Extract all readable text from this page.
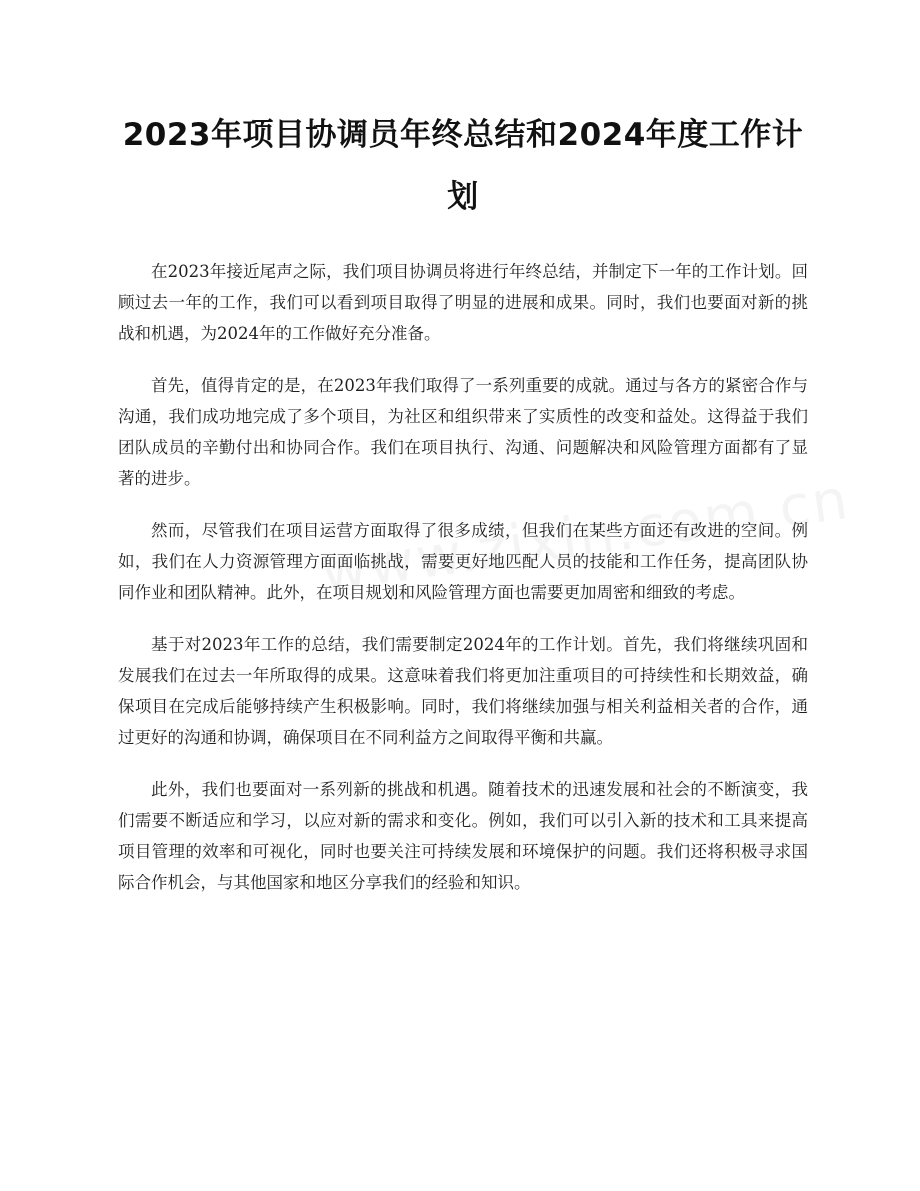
2023年项目协调员年终总结和2024年度工作计划

在2023年接近尾声之际，我们项目协调员将进行年终总结，并制定下一年的工作计划。回顾过去一年的工作，我们可以看到项目取得了明显的进展和成果。同时，我们也要面对新的挑战和机遇，为2024年的工作做好充分准备。

首先，值得肯定的是，在2023年我们取得了一系列重要的成就。通过与各方的紧密合作与沟通，我们成功地完成了多个项目，为社区和组织带来了实质性的改变和益处。这得益于我们团队成员的辛勤付出和协同合作。我们在项目执行、沟通、问题解决和风险管理方面都有了显著的进步。

然而，尽管我们在项目运营方面取得了很多成绩，但我们在某些方面还有改进的空间。例如，我们在人力资源管理方面面临挑战，需要更好地匹配人员的技能和工作任务，提高团队协同作业和团队精神。此外，在项目规划和风险管理方面也需要更加周密和细致的考虑。

基于对2023年工作的总结，我们需要制定2024年的工作计划。首先，我们将继续巩固和发展我们在过去一年所取得的成果。这意味着我们将更加注重项目的可持续性和长期效益，确保项目在完成后能够持续产生积极影响。同时，我们将继续加强与相关利益相关者的合作，通过更好的沟通和协调，确保项目在不同利益方之间取得平衡和共赢。

此外，我们也要面对一系列新的挑战和机遇。随着技术的迅速发展和社会的不断演变，我们需要不断适应和学习，以应对新的需求和变化。例如，我们可以引入新的技术和工具来提高项目管理的效率和可视化，同时也要关注可持续发展和环境保护的问题。我们还将积极寻求国际合作机会，与其他国家和地区分享我们的经验和知识。
